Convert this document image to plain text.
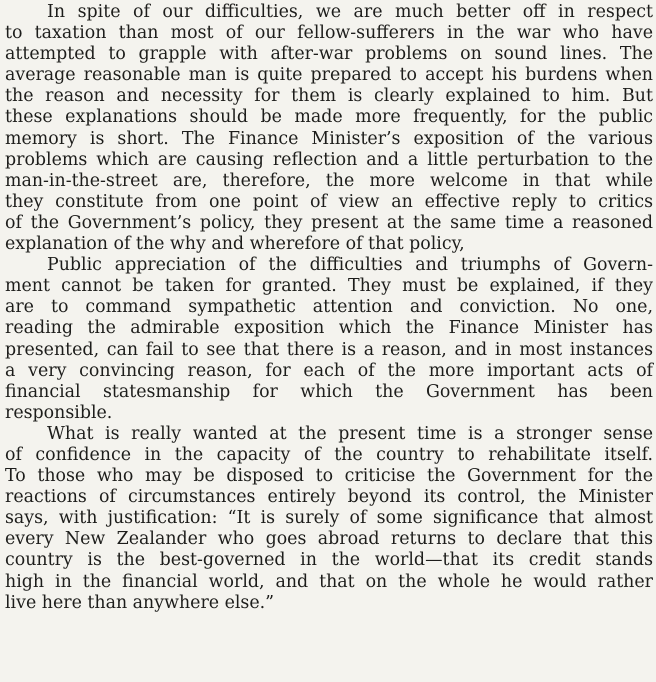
In spite of our difficulties, we are much better off in respect
to taxation than most of our fellow-sufferers in the war who have
attempted to grapple with after-war problems on sound lines. The
average reasonable man is quite prepared to accept his burdens when
the reason and necessity for them is clearly explained to him. But
these explanations should be made more frequently, for the public
memory is short. The Finance Minister’s exposition of the various
problems which are causing reflection and a little perturbation to the
man-in-the-street are, therefore, the more welcome in that while
they constitute from one point of view an effective reply to critics
of the Government’s policy, they present at the same time a reasoned
explanation of the why and wherefore of that policy,

Public appreciation of the difficulties and triumphs of Govern-
ment cannot be taken for granted. They must be explained, if they
are to command sympathetic attention and conviction. No one,
reading the admirable exposition which the Finance Minister has
presented, can fail to see that there is a reason, and in most instances
a very convincing reason, for each of the more important acts of
financial statesmanship for which the Government has been
responsible.

What is really wanted at the present time is a stronger sense
of confidence in the capacity of the country to rehabilitate itself.
To those who may be disposed to criticise the Government for the
reactions of circumstances entirely beyond its control, the Minister
says, with justification: “It is surely of some significance that almost
every New Zealander who goes abroad returns to declare that this
country is the best-governed in the world—that its credit stands
high in the financial world, and that on the whole he would rather
live here than anywhere else.”
